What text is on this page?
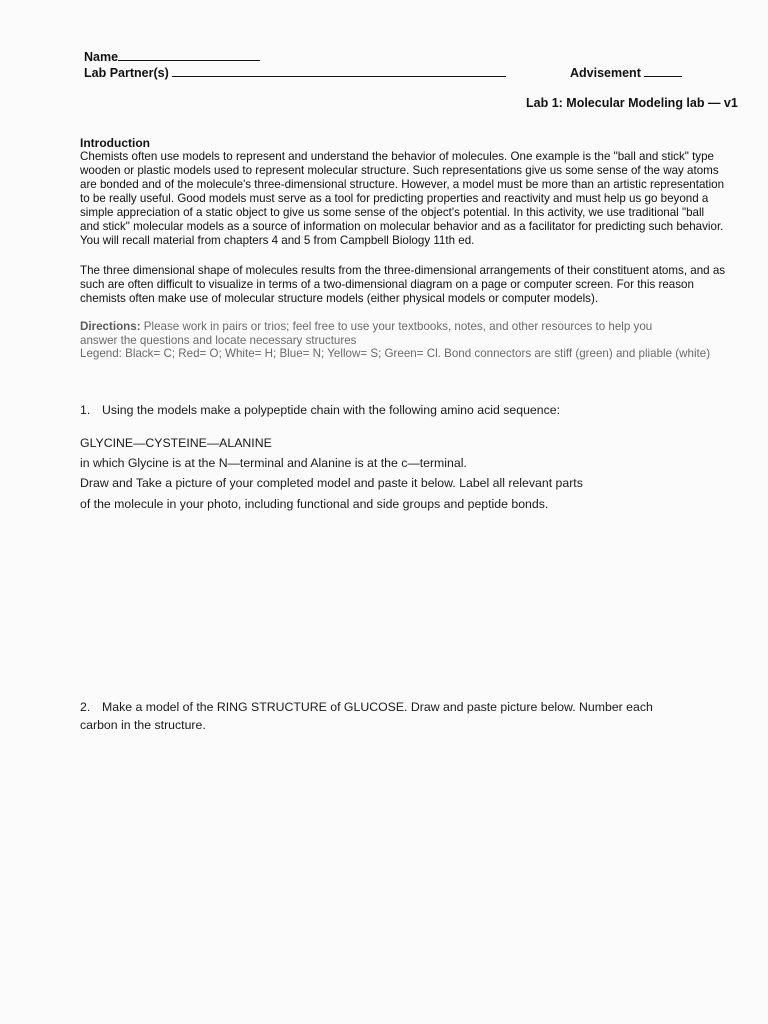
Name
Lab Partner(s)	Advisement
Lab 1: Molecular Modeling lab — v1
Introduction
Chemists often use models to represent and understand the behavior of molecules. One example is the "ball and stick" type wooden or plastic models used to represent molecular structure. Such representations give us some sense of the way atoms are bonded and of the molecule's three-dimensional structure. However, a model must be more than an artistic representation to be really useful. Good models must serve as a tool for predicting properties and reactivity and must help us go beyond a simple appreciation of a static object to give us some sense of the object's potential. In this activity, we use traditional "ball and stick" molecular models as a source of information on molecular behavior and as a facilitator for predicting such behavior. You will recall material from chapters 4 and 5 from Campbell Biology 11th ed.
The three dimensional shape of molecules results from the three-dimensional arrangements of their constituent atoms, and as such are often difficult to visualize in terms of a two-dimensional diagram on a page or computer screen. For this reason chemists often make use of molecular structure models (either physical models or computer models).
Directions: Please work in pairs or trios; feel free to use your textbooks, notes, and other resources to help you
answer the questions and locate necessary structures
Legend: Black= C; Red= O; White= H; Blue= N; Yellow= S; Green= Cl. Bond connectors are stiff (green) and pliable (white)
1. Using the models make a polypeptide chain with the following amino acid sequence:
GLYCINE—CYSTEINE—ALANINE
in which Glycine is at the N—terminal and Alanine is at the c—terminal.
Draw and Take a picture of your completed model and paste it below. Label all relevant parts
of the molecule in your photo, including functional and side groups and peptide bonds.
2. Make a model of the RING STRUCTURE of GLUCOSE. Draw and paste picture below. Number each
carbon in the structure.
